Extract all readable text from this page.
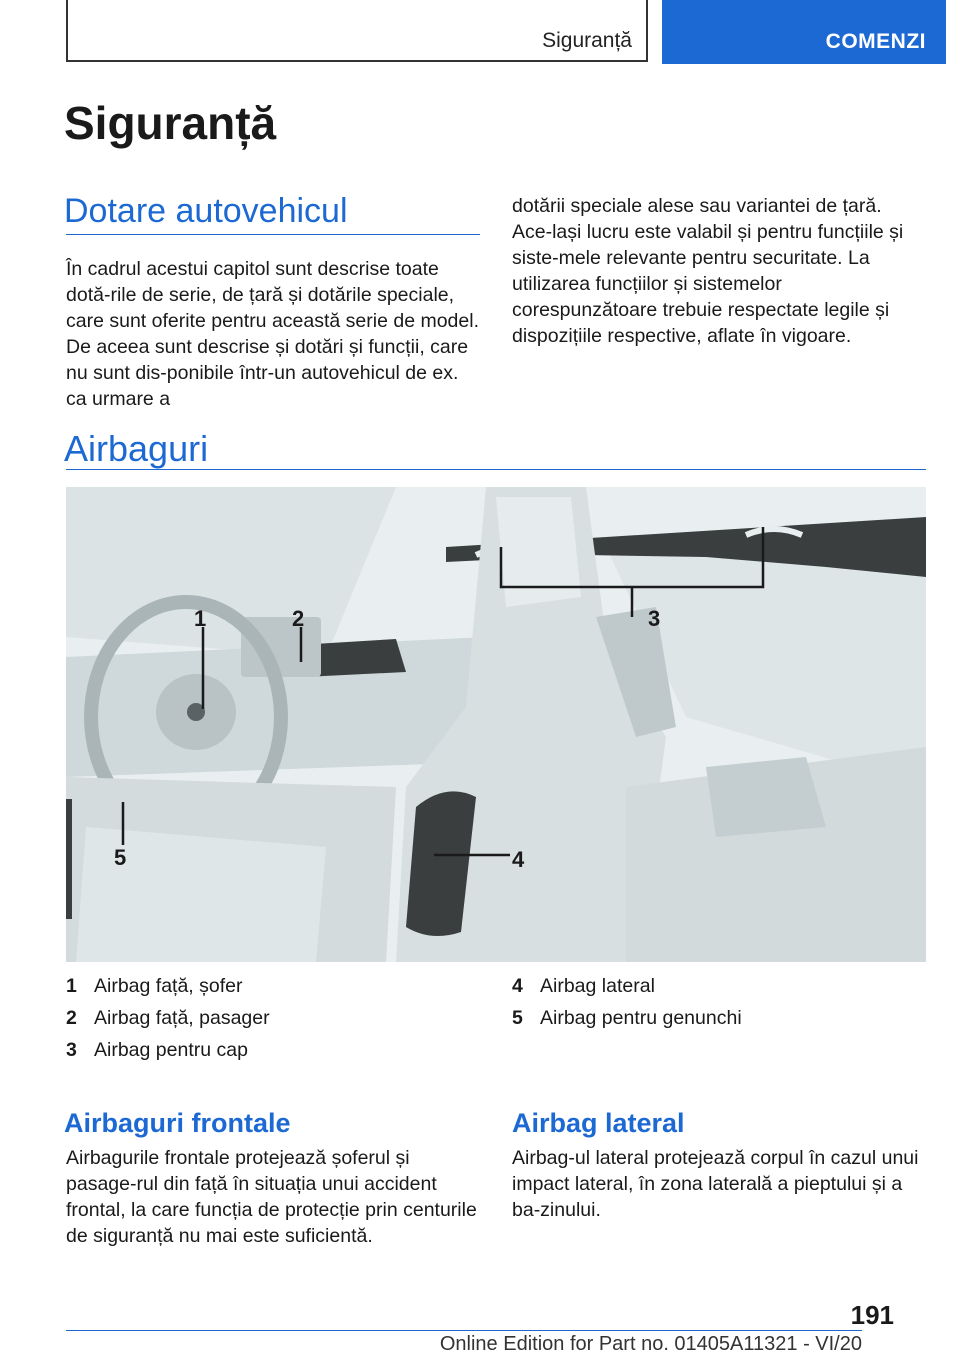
Siguranță	COMENZI
Siguranță
Dotare autovehicul

În cadrul acestui capitol sunt descrise toate dotă-rile de serie, de țară și dotările speciale, care sunt oferite pentru această serie de model. De aceea sunt descrise și dotări și funcții, care nu sunt dis-ponibile într-un autovehicul de ex. ca urmare a

dotării speciale alese sau variantei de țară. Ace-lași lucru este valabil și pentru funcțiile și siste-mele relevante pentru securitate. La utilizarea funcțiilor și sistemelor corespunzătoare trebuie respectate legile și dispozițiile respective, aflate în vigoare.

Airbaguri
1	2	3
4
5
1 Airbag față, șofer
2 Airbag față, pasager
3 Airbag pentru cap
4 Airbag lateral
5 Airbag pentru genunchi
Airbaguri frontale

Airbagurile frontale protejează șoferul și pasage-rul din față în situația unui accident frontal, la care funcția de protecție prin centurile de siguranță nu mai este suficientă.

Airbag lateral

Airbag-ul lateral protejează corpul în cazul unui impact lateral, în zona laterală a pieptului și a ba-zinului.

191
Online Edition for Part no. 01405A11321 - VI/20
